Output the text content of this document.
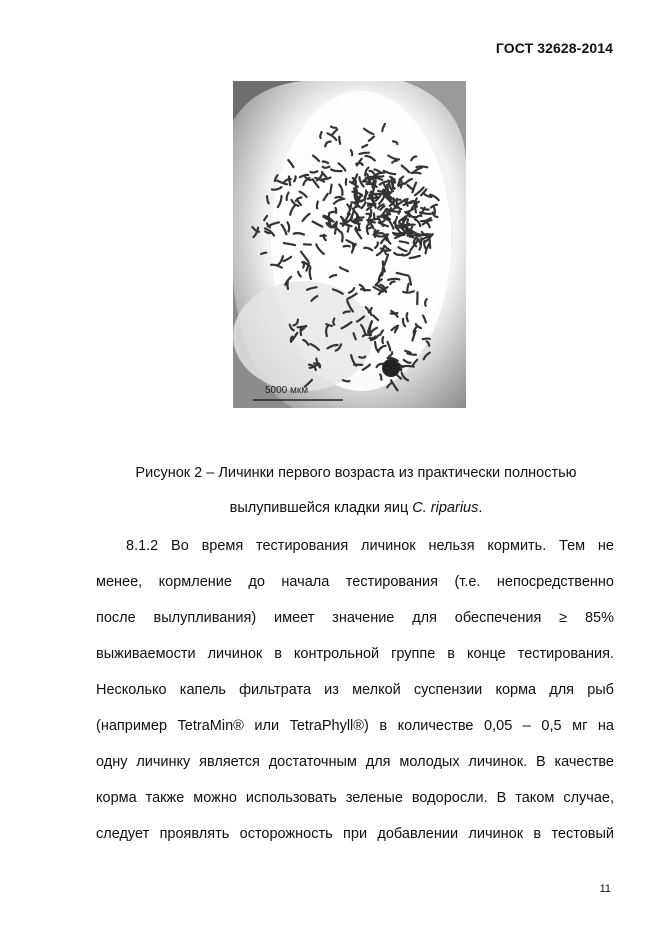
ГОСТ 32628-2014
5000 мкм
Рисунок 2 – Личинки первого возраста из практически полностью
вылупившейся кладки яиц C. riparius.
8.1.2 Во время тестирования личинок нельзя кормить. Тем не
менее, кормление до начала тестирования (т.е. непосредственно
после вылупливания) имеет значение для обеспечения ≥ 85%
выживаемости личинок в контрольной группе в конце тестирования.
Несколько капель фильтрата из мелкой суспензии корма для рыб
(например TetraMin® или TetraPhyll®) в количестве 0,05 – 0,5 мг на
одну личинку является достаточным для молодых личинок. В качестве
корма также можно использовать зеленые водоросли. В таком случае,
следует проявлять осторожность при добавлении личинок в тестовый
11
